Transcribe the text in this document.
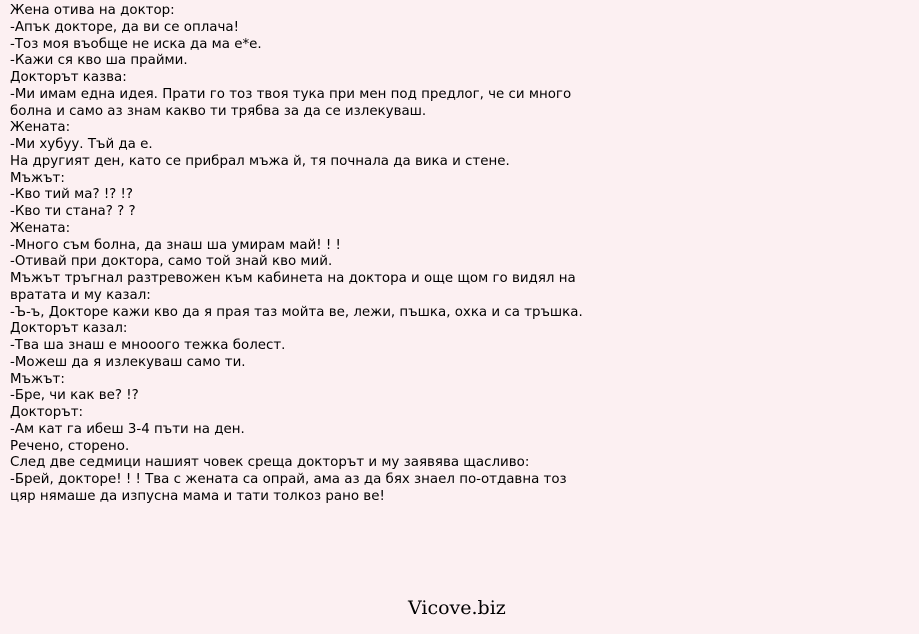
Жена отива на доктор:
-Апък докторе, да ви се оплача!
-Тоз моя въобще не иска да ма е*е.
-Кажи ся кво ша прайми.
Докторът казва:
-Ми имам една идея. Прати го тоз твоя тука при мен под предлог, че си много
болна и само аз знам какво ти трябва за да се излекуваш.
Жената:
-Ми хубуу. Тъй да е.
На другият ден, като се прибрал мъжа й, тя почнала да вика и стене.
Мъжът:
-Кво тий ма? !? !?
-Кво ти стана? ? ?
Жената:
-Много съм болна, да знаш ша умирам май! ! !
-Отивай при доктора, само той знай кво мий.
Мъжът тръгнал разтревожен към кабинета на доктора и още щом го видял на
вратата и му казал:
-Ъ-ъ, Докторе кажи кво да я прая таз мойта ве, лежи, пъшка, охка и са тръшка.
Докторът казал:
-Тва ша знаш е мнооого тежка болест.
-Можеш да я излекуваш само ти.
Мъжът:
-Бре, чи как ве? !?
Докторът:
-Ам кат га ибеш 3-4 пъти на ден.
Речено, сторено.
След две седмици нашият човек среща докторът и му заявява щасливо:
-Брей, докторе! ! ! Тва с жената са опрай, ама аз да бях знаел по-отдавна тоз
цяр нямаше да изпусна мама и тати толкоз рано ве!
Vicove.biz
